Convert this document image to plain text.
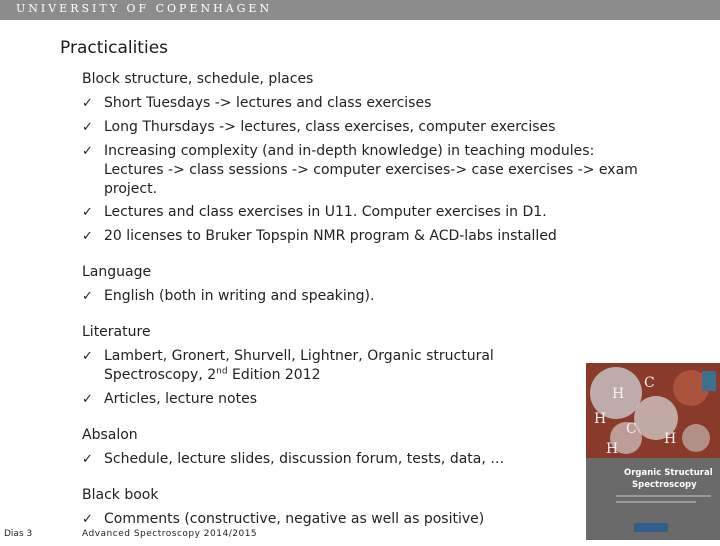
UNIVERSITY OF COPENHAGEN
Practicalities
Block structure, schedule, places
✓ Short Tuesdays -> lectures and class exercises
✓ Long Thursdays -> lectures, class exercises, computer exercises
✓ Increasing complexity (and in-depth knowledge) in teaching modules: Lectures -> class sessions -> computer exercises-> case exercises -> exam project.
✓ Lectures and class exercises in U11. Computer exercises in D1.
✓ 20 licenses to Bruker Topspin NMR program & ACD-labs installed
Language
✓ English (both in writing and speaking).
Literature
✓ Lambert, Gronert, Shurvell, Lightner, Organic structural Spectroscopy, 2nd Edition 2012
✓ Articles, lecture notes
Absalon
✓ Schedule, lecture slides, discussion forum, tests, data, …
Black book
✓ Comments (constructive, negative as well as positive)
H
C
H
C
H
H
Organic Structural
Spectroscopy
Dias 3	Advanced Spectroscopy 2014/2015
